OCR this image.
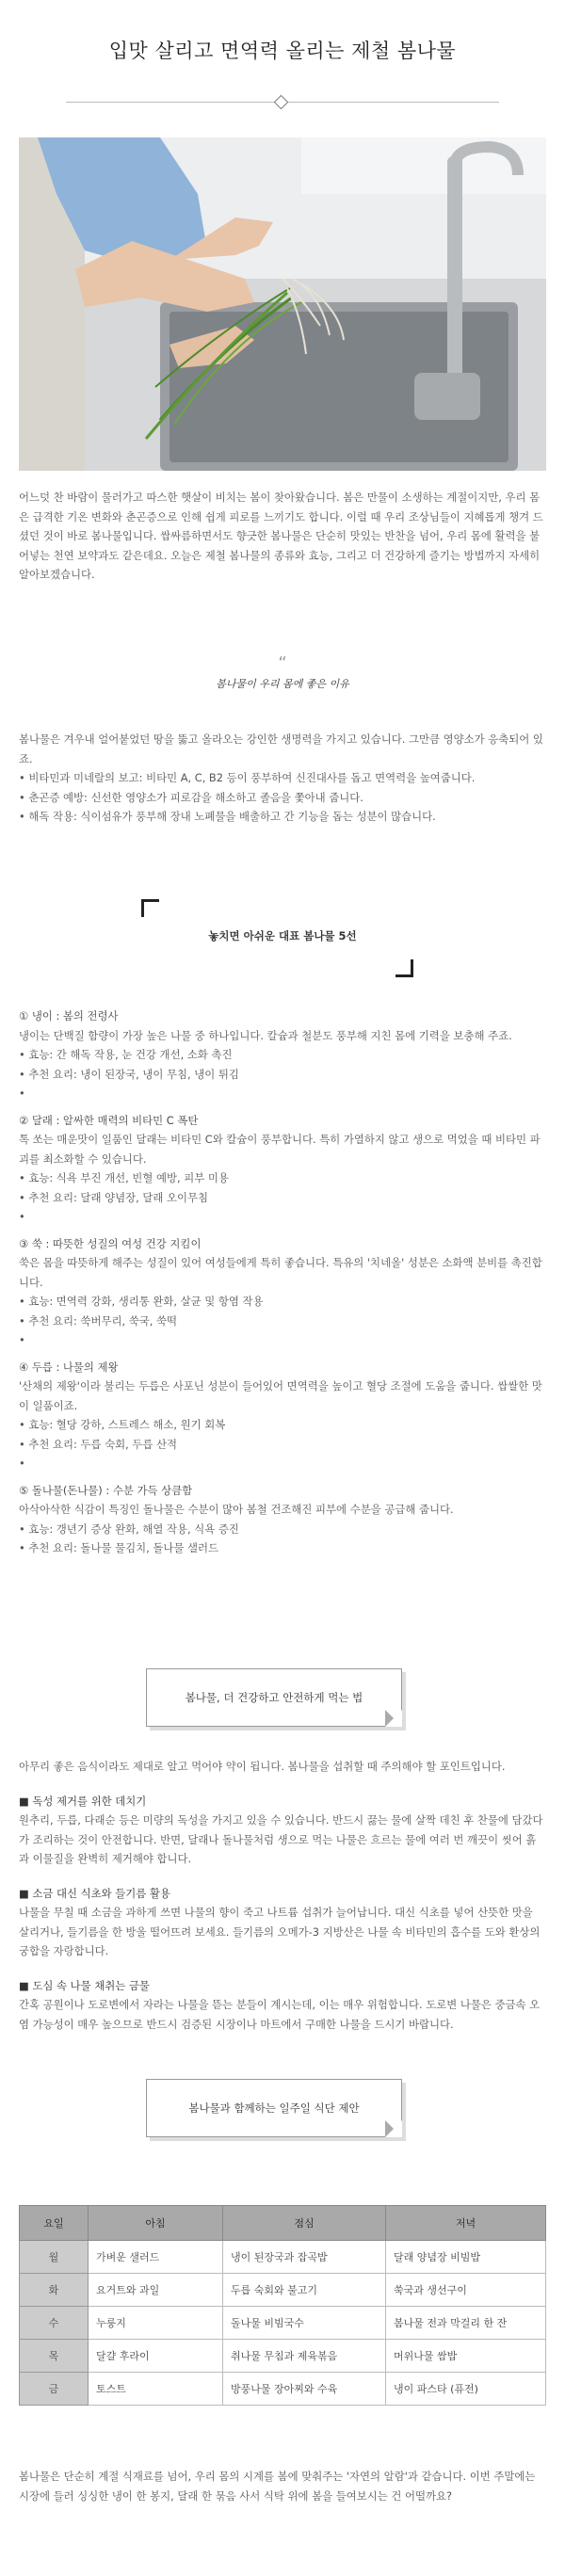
입맛 살리고 면역력 올리는 제철 봄나물

어느덧 찬 바람이 물러가고 따스한 햇살이 비치는 봄이 찾아왔습니다. 봄은 만물이 소생하는 계절이지만, 우리 몸은 급격한 기온 변화와 춘곤증으로 인해 쉽게 피로를 느끼기도 합니다. 이럴 때 우리 조상님들이 지혜롭게 챙겨 드셨던 것이 바로 봄나물입니다. 쌉싸름하면서도 향긋한 봄나물은 단순히 맛있는 반찬을 넘어, 우리 몸에 활력을 불어넣는 천연 보약과도 같은데요. 오늘은 제철 봄나물의 종류와 효능, 그리고 더 건강하게 즐기는 방법까지 자세히 알아보겠습니다.

“
봄나물이 우리 몸에 좋은 이유

봄나물은 겨우내 얼어붙었던 땅을 뚫고 올라오는 강인한 생명력을 가지고 있습니다. 그만큼 영양소가 응축되어 있죠.

• 비타민과 미네랄의 보고: 비타민 A, C, B2 등이 풍부하여 신진대사를 돕고 면역력을 높여줍니다.
• 춘곤증 예방: 신선한 영양소가 피로감을 해소하고 졸음을 쫓아내 줍니다.
• 해독 작용: 식이섬유가 풍부해 장내 노폐물을 배출하고 간 기능을 돕는 성분이 많습니다.
놓치면 아쉬운 대표 봄나물 5선
① 냉이 : 봄의 전령사
냉이는 단백질 함량이 가장 높은 나물 중 하나입니다. 칼슘과 철분도 풍부해 지친 몸에 기력을 보충해 주죠.
• 효능: 간 해독 작용, 눈 건강 개선, 소화 촉진
• 추천 요리: 냉이 된장국, 냉이 무침, 냉이 튀김
•
② 달래 : 알싸한 매력의 비타민 C 폭탄
톡 쏘는 매운맛이 일품인 달래는 비타민 C와 칼슘이 풍부합니다. 특히 가열하지 않고 생으로 먹었을 때 비타민 파괴를 최소화할 수 있습니다.
• 효능: 식욕 부진 개선, 빈혈 예방, 피부 미용
• 추천 요리: 달래 양념장, 달래 오이무침
•
③ 쑥 : 따뜻한 성질의 여성 건강 지킴이
쑥은 몸을 따뜻하게 해주는 성질이 있어 여성들에게 특히 좋습니다. 특유의 '치네올' 성분은 소화액 분비를 촉진합니다.
• 효능: 면역력 강화, 생리통 완화, 살균 및 항염 작용
• 추천 요리: 쑥버무리, 쑥국, 쑥떡
•
④ 두릅 : 나물의 제왕
'산채의 제왕'이라 불리는 두릅은 사포닌 성분이 들어있어 면역력을 높이고 혈당 조절에 도움을 줍니다. 쌉쌀한 맛이 일품이죠.
• 효능: 혈당 강하, 스트레스 해소, 원기 회복
• 추천 요리: 두릅 숙회, 두릅 산적
•
⑤ 돌나물(돈나물) : 수분 가득 상큼함
아삭아삭한 식감이 특징인 돌나물은 수분이 많아 봄철 건조해진 피부에 수분을 공급해 줍니다.
• 효능: 갱년기 증상 완화, 해열 작용, 식욕 증진
• 추천 요리: 돌나물 물김치, 돌나물 샐러드
봄나물, 더 건강하고 안전하게 먹는 법

아무리 좋은 음식이라도 제대로 알고 먹어야 약이 됩니다. 봄나물을 섭취할 때 주의해야 할 포인트입니다.

■ 독성 제거를 위한 데치기

원추리, 두릅, 다래순 등은 미량의 독성을 가지고 있을 수 있습니다. 반드시 끓는 물에 살짝 데친 후 찬물에 담갔다가 조리하는 것이 안전합니다. 반면, 달래나 돌나물처럼 생으로 먹는 나물은 흐르는 물에 여러 번 깨끗이 씻어 흙과 이물질을 완벽히 제거해야 합니다.

■ 소금 대신 식초와 들기름 활용

나물을 무칠 때 소금을 과하게 쓰면 나물의 향이 죽고 나트륨 섭취가 늘어납니다. 대신 식초를 넣어 산뜻한 맛을 살리거나, 들기름을 한 방울 떨어뜨려 보세요. 들기름의 오메가-3 지방산은 나물 속 비타민의 흡수를 도와 환상의 궁합을 자랑합니다.

■ 도심 속 나물 채취는 금물

간혹 공원이나 도로변에서 자라는 나물을 뜯는 분들이 계시는데, 이는 매우 위험합니다. 도로변 나물은 중금속 오염 가능성이 매우 높으므로 반드시 검증된 시장이나 마트에서 구매한 나물을 드시기 바랍니다.

봄나물과 함께하는 일주일 식단 제안
요일	아침	점심	저녁
월	가벼운 샐러드	냉이 된장국과 잡곡밥	달래 양념장 비빔밥
화	요거트와 과일	두릅 숙회와 불고기	쑥국과 생선구이
수	누룽지	돌나물 비빔국수	봄나물 전과 막걸리 한 잔
목	달걀 후라이	취나물 무침과 제육볶음	머위나물 쌈밥
금	토스트	방풍나물 장아찌와 수육	냉이 파스타 (퓨전)

봄나물은 단순히 계절 식재료를 넘어, 우리 몸의 시계를 봄에 맞춰주는 '자연의 알람'과 같습니다. 이번 주말에는 시장에 들러 싱싱한 냉이 한 봉지, 달래 한 묶음 사서 식탁 위에 봄을 들여보시는 건 어떨까요?
